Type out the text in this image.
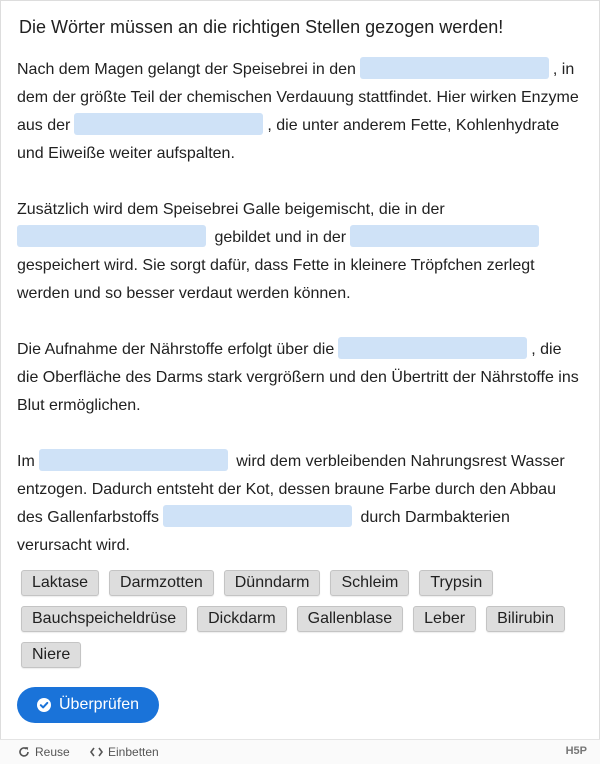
Die Wörter müssen an die richtigen Stellen gezogen werden!

Nach dem Magen gelangt der Speisebrei in den	, in dem der größte Teil der chemischen Verdauung stattfindet. Hier wirken Enzyme aus der	, die unter anderem Fette, Kohlenhydrate und Eiweiße weiter aufspalten.

Zusätzlich wird dem Speisebrei Galle beigemischt, die in der
gebildet und in der
gespeichert wird. Sie sorgt dafür, dass Fette in kleinere Tröpfchen zerlegt werden und so besser verdaut werden können.

Die Aufnahme der Nährstoffe erfolgt über die	, die die Oberfläche des Darms stark vergrößern und den Übertritt der Nährstoffe ins Blut ermöglichen.

Im	wird dem verbleibenden Nahrungsrest Wasser entzogen. Dadurch entsteht der Kot, dessen braune Farbe durch den Abbau des Gallenfarbstoffs	durch Darmbakterien verursacht wird.

Laktase	Darmzotten	Dünndarm	Schleim	Trypsin
Bauchspeicheldrüse	Dickdarm	Gallenblase	Leber	Bilirubin
Niere
Überprüfen
Reuse	Einbetten	H5P
